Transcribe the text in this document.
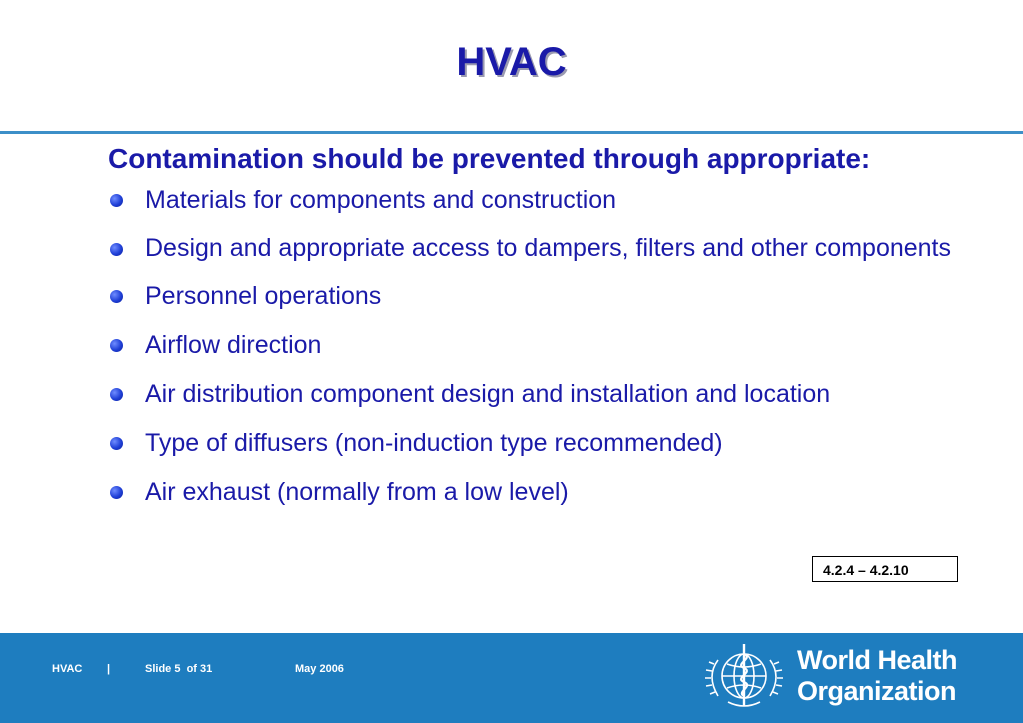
HVAC
Contamination should be prevented through appropriate:
Materials for components and construction
Design and appropriate access to dampers, filters and other components
Personnel operations
Airflow direction
Air distribution component design and installation and location
Type of diffusers (non-induction type recommended)
Air exhaust (normally from a low level)
4.2.4 – 4.2.10
HVAC |	Slide 5  of 31	May 2006	World Health
Organization
